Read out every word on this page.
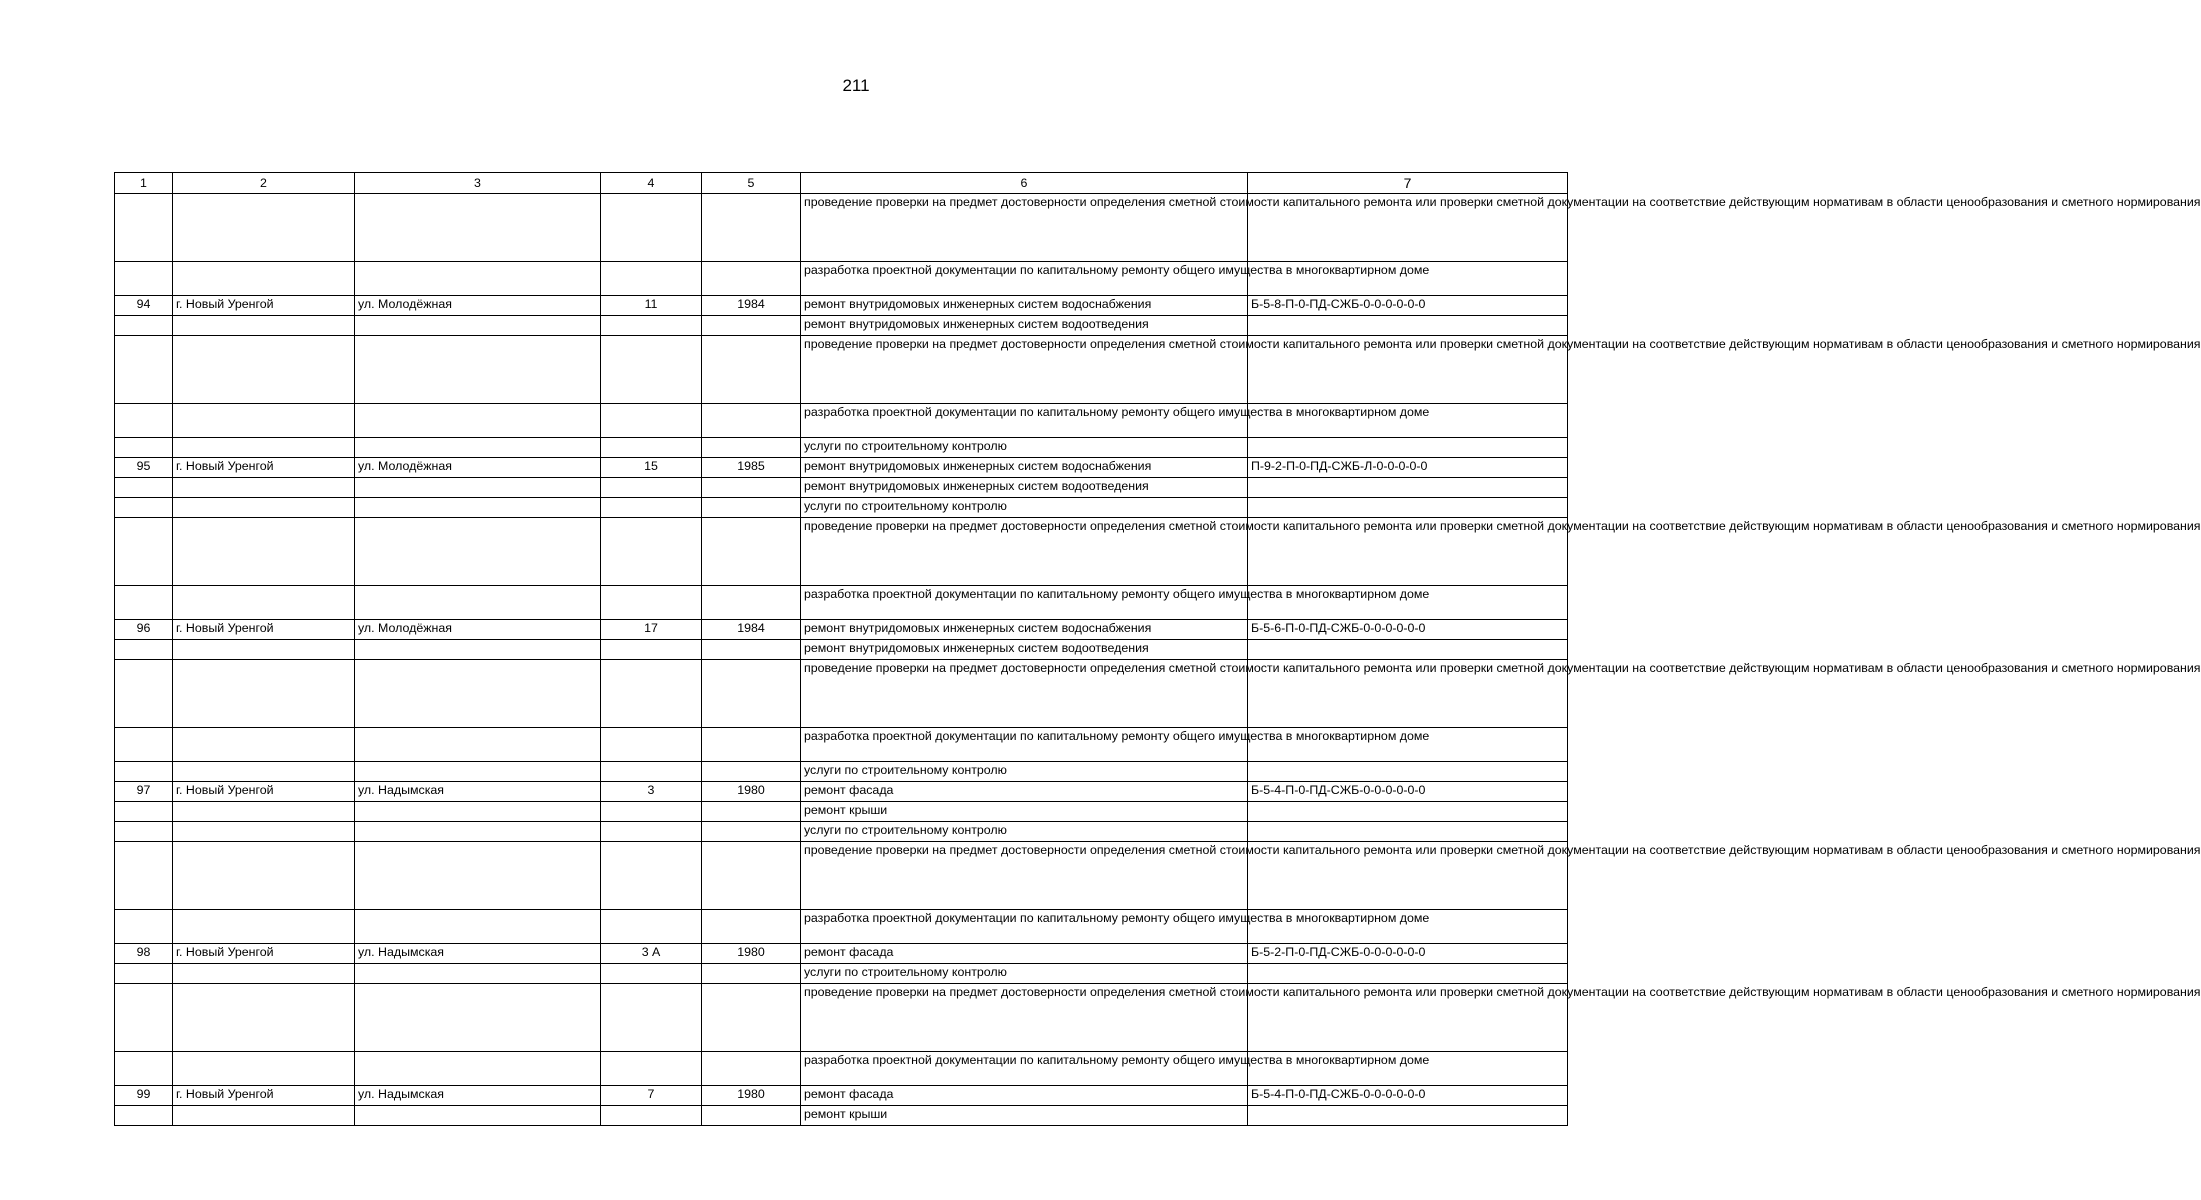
211
1	2	3	4	5	6	7
					проведение проверки на предмет достоверности определения сметной стоимости капитального ремонта или проверки сметной документации на соответствие действующим нормативам в области ценообразования и сметного нормирования	
					разработка проектной документации по капитальному ремонту общего имущества в многоквартирном доме	
94	г. Новый Уренгой	ул. Молодёжная	11	1984	ремонт внутридомовых инженерных систем водоснабжения	Б-5-8-П-0-ПД-СЖБ-0-0-0-0-0-0
					ремонт внутридомовых инженерных систем водоотведения	
					проведение проверки на предмет достоверности определения сметной стоимости капитального ремонта или проверки сметной документации на соответствие действующим нормативам в области ценообразования и сметного нормирования	
					разработка проектной документации по капитальному ремонту общего имущества в многоквартирном доме	
					услуги по строительному контролю	
95	г. Новый Уренгой	ул. Молодёжная	15	1985	ремонт внутридомовых инженерных систем водоснабжения	П-9-2-П-0-ПД-СЖБ-Л-0-0-0-0-0
					ремонт внутридомовых инженерных систем водоотведения	
					услуги по строительному контролю	
					проведение проверки на предмет достоверности определения сметной стоимости капитального ремонта или проверки сметной документации на соответствие действующим нормативам в области ценообразования и сметного нормирования	
					разработка проектной документации по капитальному ремонту общего имущества в многоквартирном доме	
96	г. Новый Уренгой	ул. Молодёжная	17	1984	ремонт внутридомовых инженерных систем водоснабжения	Б-5-6-П-0-ПД-СЖБ-0-0-0-0-0-0
					ремонт внутридомовых инженерных систем водоотведения	
					проведение проверки на предмет достоверности определения сметной стоимости капитального ремонта или проверки сметной документации на соответствие действующим нормативам в области ценообразования и сметного нормирования	
					разработка проектной документации по капитальному ремонту общего имущества в многоквартирном доме	
					услуги по строительному контролю	
97	г. Новый Уренгой	ул. Надымская	3	1980	ремонт фасада	Б-5-4-П-0-ПД-СЖБ-0-0-0-0-0-0
					ремонт крыши	
					услуги по строительному контролю	
					проведение проверки на предмет достоверности определения сметной стоимости капитального ремонта или проверки сметной документации на соответствие действующим нормативам в области ценообразования и сметного нормирования	
					разработка проектной документации по капитальному ремонту общего имущества в многоквартирном доме	
98	г. Новый Уренгой	ул. Надымская	3 А	1980	ремонт фасада	Б-5-2-П-0-ПД-СЖБ-0-0-0-0-0-0
					услуги по строительному контролю	
					проведение проверки на предмет достоверности определения сметной стоимости капитального ремонта или проверки сметной документации на соответствие действующим нормативам в области ценообразования и сметного нормирования	
					разработка проектной документации по капитальному ремонту общего имущества в многоквартирном доме	
99	г. Новый Уренгой	ул. Надымская	7	1980	ремонт фасада	Б-5-4-П-0-ПД-СЖБ-0-0-0-0-0-0
					ремонт крыши	
